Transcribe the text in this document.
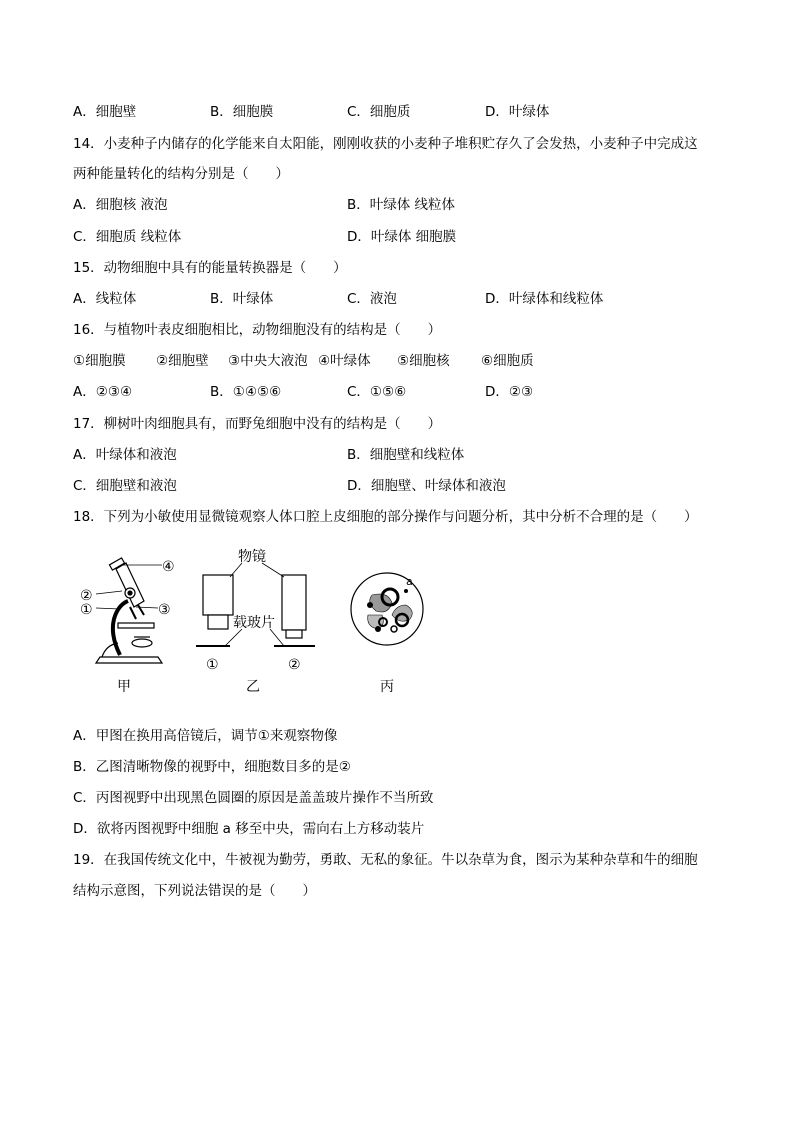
A．细胞壁	B．细胞膜	C．细胞质	D．叶绿体
14．小麦种子内储存的化学能来自太阳能，刚刚收获的小麦种子堆积贮存久了会发热，小麦种子中完成这
两种能量转化的结构分别是（　　）
A．细胞核 液泡	B．叶绿体 线粒体
C．细胞质 线粒体	D．叶绿体 细胞膜
15．动物细胞中具有的能量转换器是（　　）
A．线粒体	B．叶绿体	C．液泡	D．叶绿体和线粒体
16．与植物叶表皮细胞相比，动物细胞没有的结构是（　　）
①细胞膜 ②细胞壁 ③中央大液泡 ④叶绿体 ⑤细胞核 ⑥细胞质
A．②③④	B．①④⑤⑥	C．①⑤⑥	D．②③
17．柳树叶肉细胞具有，而野兔细胞中没有的结构是（　　）
A．叶绿体和液泡	B．细胞壁和线粒体
C．细胞壁和液泡	D．细胞壁、叶绿体和液泡
18．下列为小敏使用显微镜观察人体口腔上皮细胞的部分操作与问题分析，其中分析不合理的是（　　）
④
②
①	③
甲
物镜
载玻片
①	②
乙
a
丙
A．甲图在换用高倍镜后，调节①来观察物像
B．乙图清晰物像的视野中，细胞数目多的是②
C．丙图视野中出现黑色圆圈的原因是盖盖玻片操作不当所致
D．欲将丙图视野中细胞 a 移至中央，需向右上方移动装片
19．在我国传统文化中，牛被视为勤劳，勇敢、无私的象征。牛以杂草为食，图示为某种杂草和牛的细胞
结构示意图，下列说法错误的是（　　）
